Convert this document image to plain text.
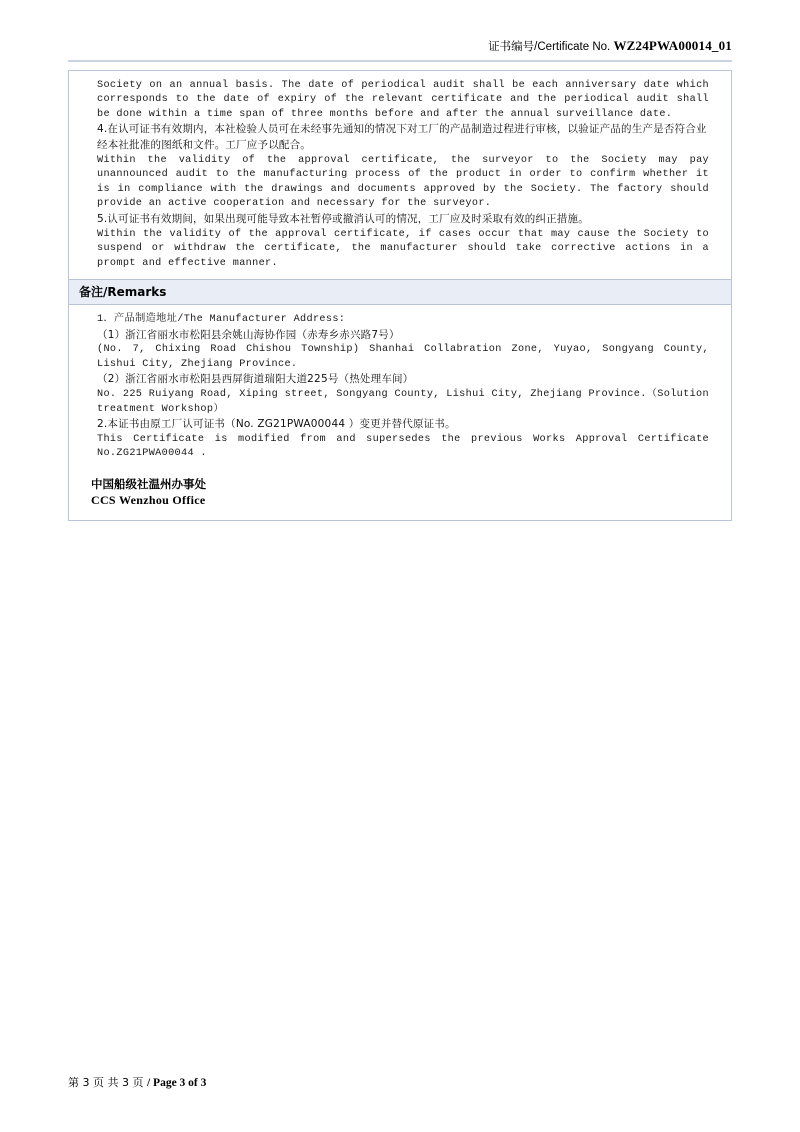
证书编号/Certificate No. WZ24PWA00014_01

Society on an annual basis. The date of periodical audit shall be each anniversary date which corresponds to the date of expiry of the relevant certificate and the periodical audit shall be done within a time span of three months before and after the annual surveillance date.

4.在认可证书有效期内，本社检验人员可在未经事先通知的情况下对工厂的产品制造过程进行审核，以验证产品的生产是否符合业经本社批准的图纸和文件。工厂应予以配合。

Within the validity of the approval certificate, the surveyor to the Society may pay unannounced audit to the manufacturing process of the product in order to confirm whether it is in compliance with the drawings and documents approved by the Society. The factory should provide an active cooperation and necessary for the surveyor.

5.认可证书有效期间，如果出现可能导致本社暂停或撤消认可的情况，工厂应及时采取有效的纠正措施。

Within the validity of the approval certificate, if cases occur that may cause the Society to suspend or withdraw the certificate, the manufacturer should take corrective actions in a prompt and effective manner.

备注/Remarks

1．产品制造地址/The Manufacturer Address:

（1）浙江省丽水市松阳县余姚山海协作园（赤寿乡赤兴路7号）

(No. 7, Chixing Road Chishou Township) Shanhai Collabration Zone, Yuyao, Songyang County, Lishui City, Zhejiang Province.

（2）浙江省丽水市松阳县西屏街道瑞阳大道225号（热处理车间）

No. 225 Ruiyang Road, Xiping street, Songyang County, Lishui City, Zhejiang Province.（Solution treatment Workshop）

2.本证书由原工厂认可证书（No. ZG21PWA00044 ）变更并替代原证书。

This Certificate is modified from and supersedes the previous Works Approval Certificate No.ZG21PWA00044 .

中国船级社温州办事处
CCS Wenzhou Office
第 3 页 共 3 页 / Page 3 of 3
